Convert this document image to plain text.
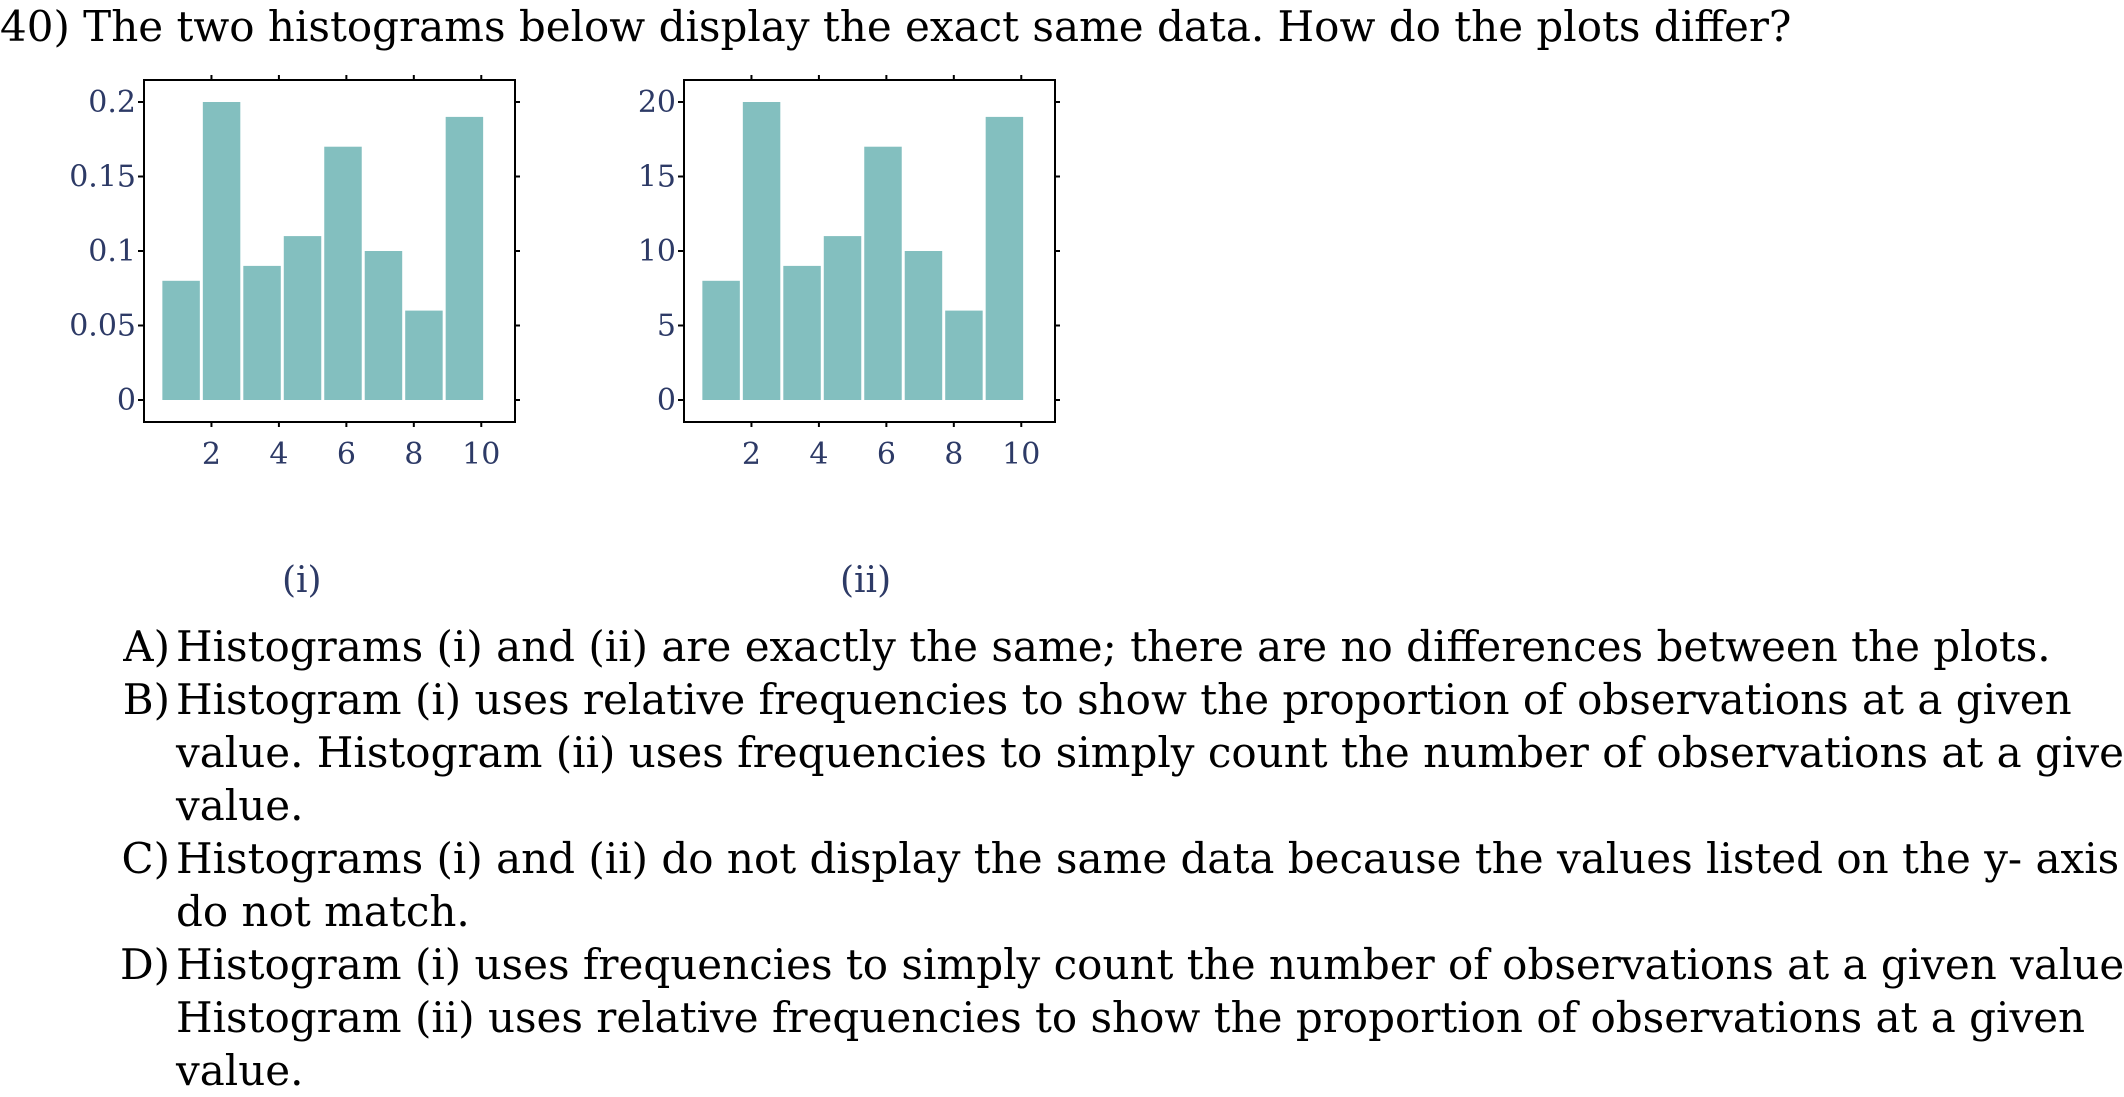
40) The two histograms below display the exact same data. How do the plots differ?
0
0.05
0.1
0.15
0.2
2 4 6 8 10
0
5
10
15
20
2 4 6 8 10
(i)	(ii)
A) Histograms (i) and (ii) are exactly the same; there are no differences between the plots.
B) Histogram (i) uses relative frequencies to show the proportion of observations at a given
value. Histogram (ii) uses frequencies to simply count the number of observations at a give
value.
C) Histograms (i) and (ii) do not display the same data because the values listed on the y- axis
do not match.
D) Histogram (i) uses frequencies to simply count the number of observations at a given value
Histogram (ii) uses relative frequencies to show the proportion of observations at a given
value.
